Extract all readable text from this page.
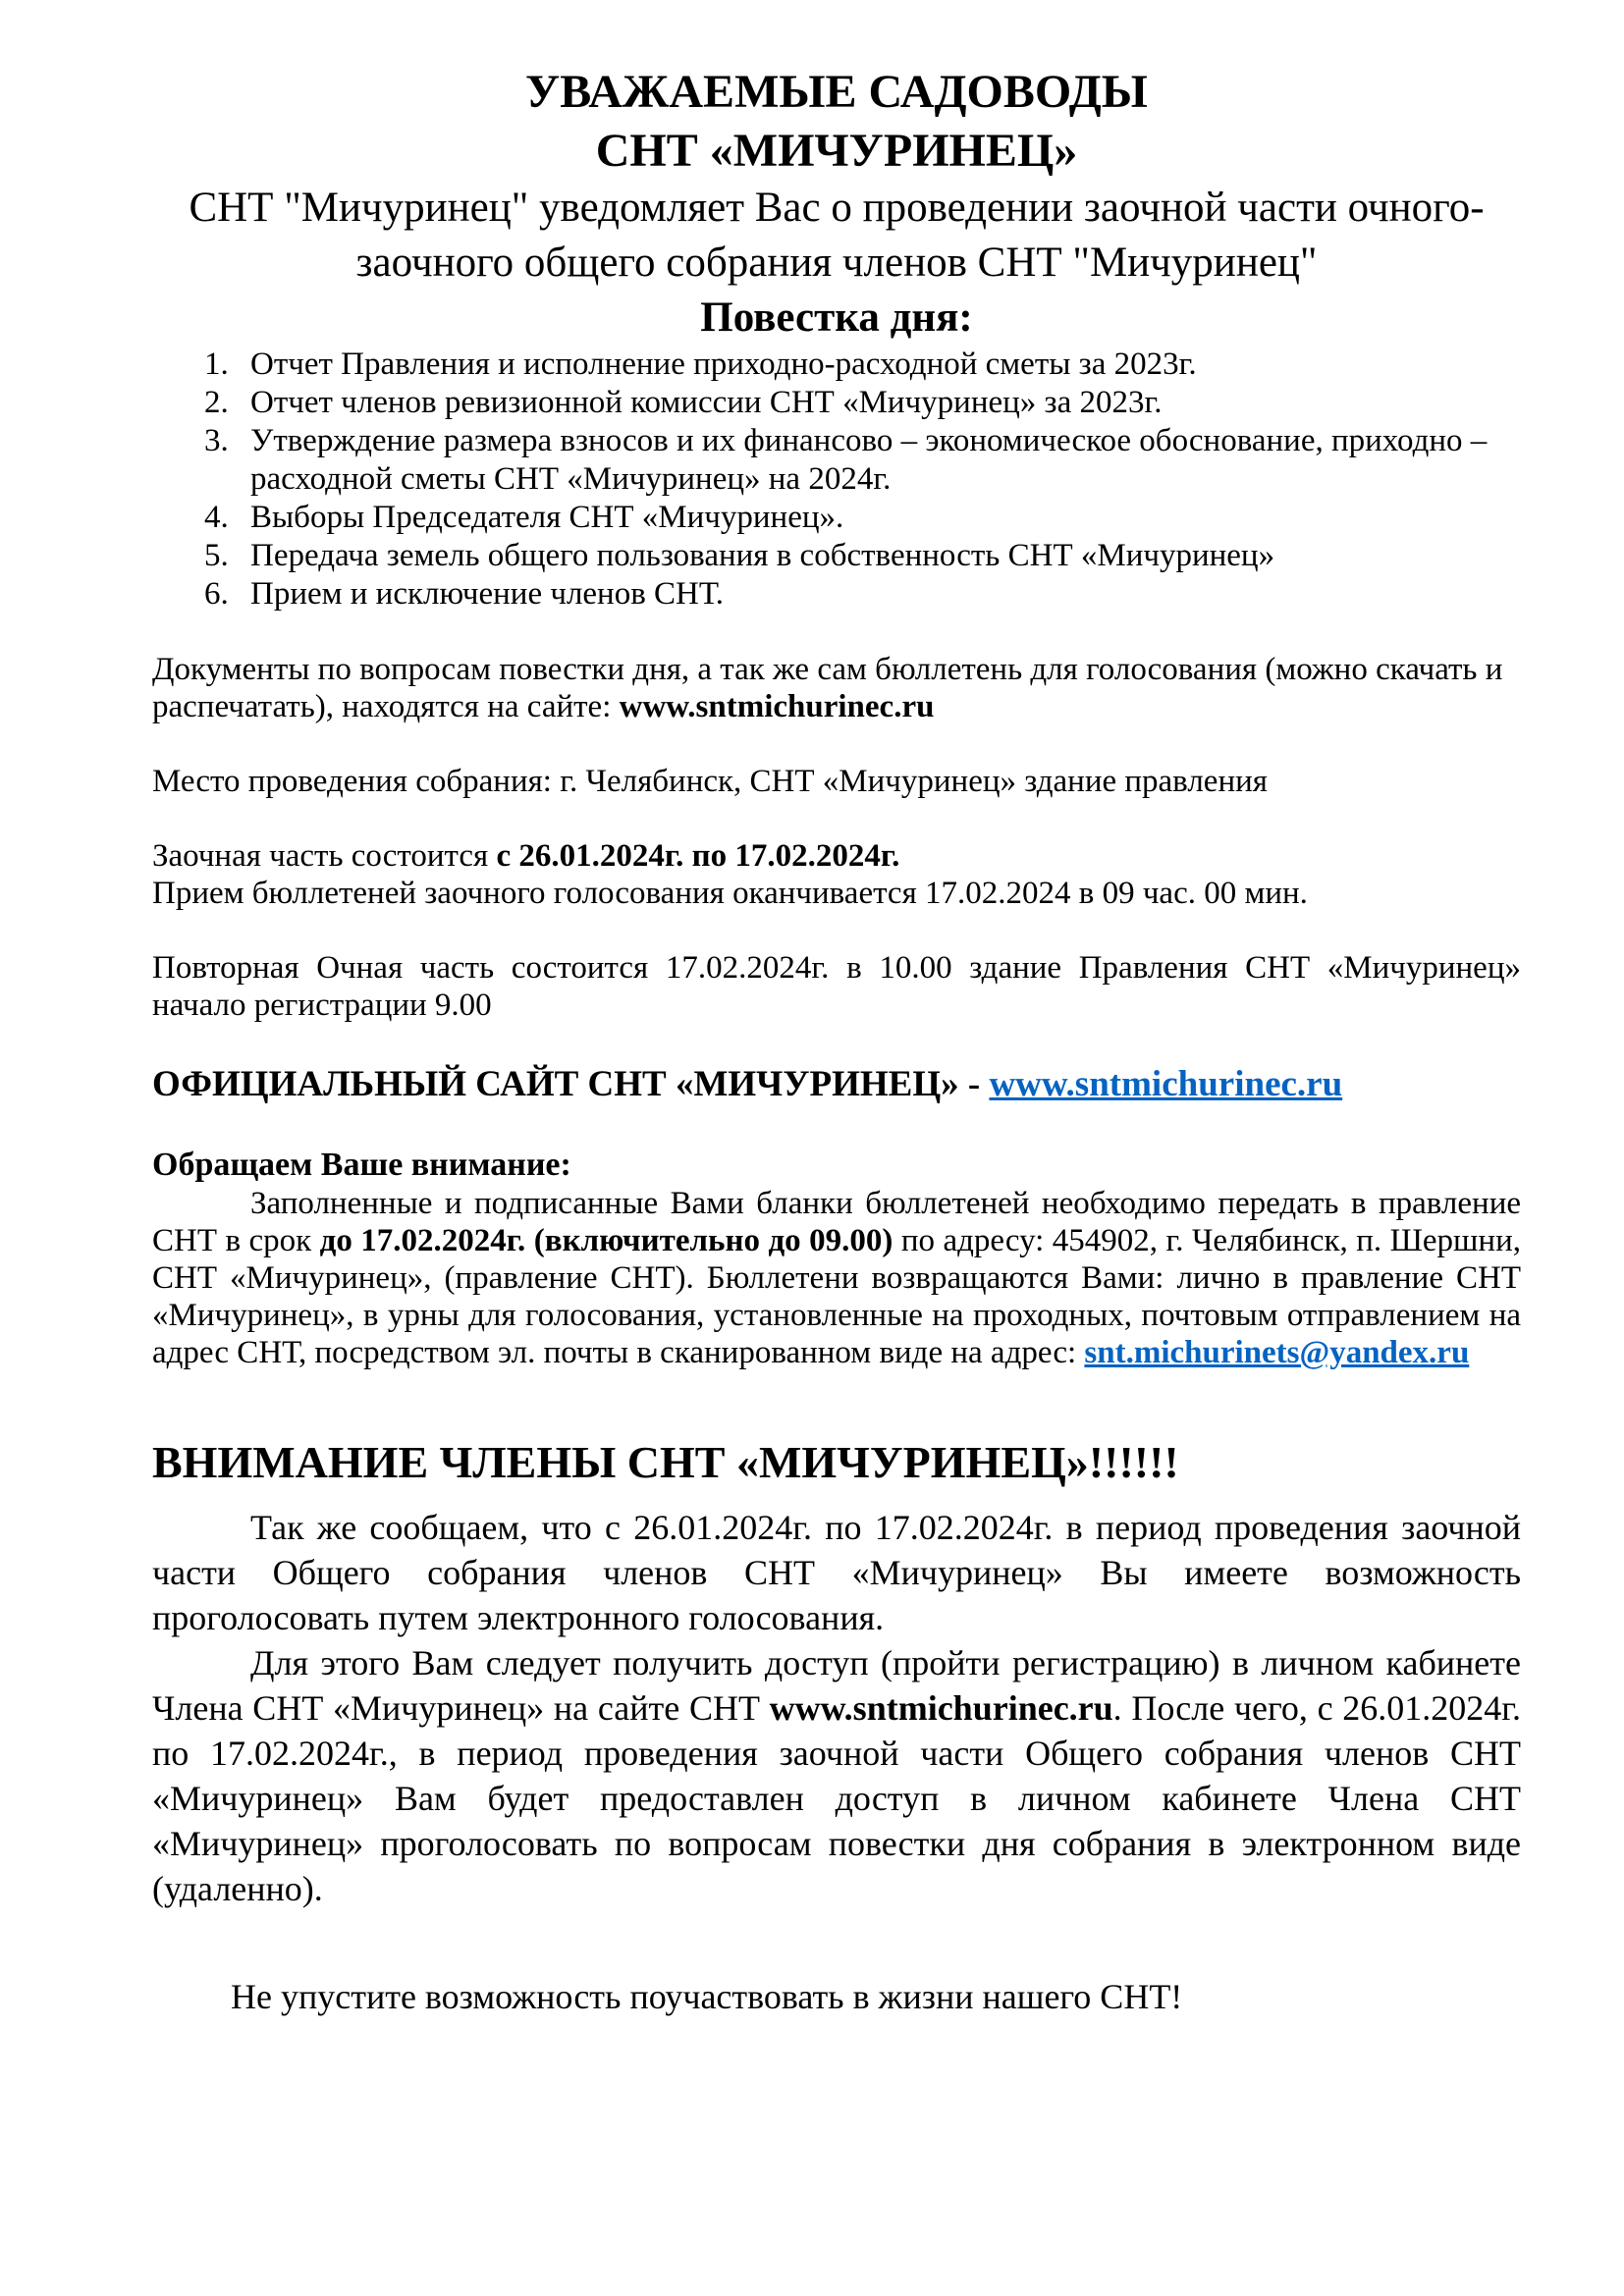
УВАЖАЕМЫЕ САДОВОДЫ
СНТ «МИЧУРИНЕЦ»
СНТ "Мичуринец" уведомляет Вас о проведении заочной части очного-
заочного общего собрания членов СНТ "Мичуринец"
Повестка дня:
1. Отчет Правления и исполнение приходно-расходной сметы за 2023г.
2. Отчет членов ревизионной комиссии СНТ «Мичуринец» за 2023г.
3. Утверждение размера взносов и их финансово – экономическое обоснование, приходно – расходной сметы СНТ «Мичуринец» на 2024г.
4. Выборы Председателя СНТ «Мичуринец».
5. Передача земель общего пользования в собственность СНТ «Мичуринец»
6. Прием и исключение членов СНТ.
Документы по вопросам повестки дня, а так же сам бюллетень для голосования (можно скачать и распечатать), находятся на сайте: www.sntmichurinec.ru
Место проведения собрания: г. Челябинск, СНТ «Мичуринец» здание правления
Заочная часть состоится с 26.01.2024г. по 17.02.2024г.
Прием бюллетеней заочного голосования оканчивается 17.02.2024 в 09 час. 00 мин.
Повторная Очная часть состоится 17.02.2024г. в 10.00 здание Правления СНТ «Мичуринец» начало регистрации 9.00
ОФИЦИАЛЬНЫЙ САЙТ СНТ «МИЧУРИНЕЦ» - www.sntmichurinec.ru
Обращаем Ваше внимание:
Заполненные и подписанные Вами бланки бюллетеней необходимо передать в правление СНТ в срок до 17.02.2024г. (включительно до 09.00) по адресу: 454902, г. Челябинск, п. Шершни, СНТ «Мичуринец», (правление СНТ). Бюллетени возвращаются Вами: лично в правление СНТ «Мичуринец», в урны для голосования, установленные на проходных, почтовым отправлением на адрес СНТ, посредством эл. почты в сканированном виде на адрес: snt.michurinets@yandex.ru
ВНИМАНИЕ ЧЛЕНЫ СНТ «МИЧУРИНЕЦ»!!!!!!
Так же сообщаем, что с 26.01.2024г. по 17.02.2024г. в период проведения заочной части Общего собрания членов СНТ «Мичуринец» Вы имеете возможность проголосовать путем электронного голосования.
Для этого Вам следует получить доступ (пройти регистрацию) в личном кабинете Члена СНТ «Мичуринец» на сайте СНТ www.sntmichurinec.ru. После чего, с 26.01.2024г. по 17.02.2024г., в период проведения заочной части Общего собрания членов СНТ «Мичуринец» Вам будет предоставлен доступ в личном кабинете Члена СНТ «Мичуринец» проголосовать по вопросам повестки дня собрания в электронном виде (удаленно).
Не упустите возможность поучаствовать в жизни нашего СНТ!
